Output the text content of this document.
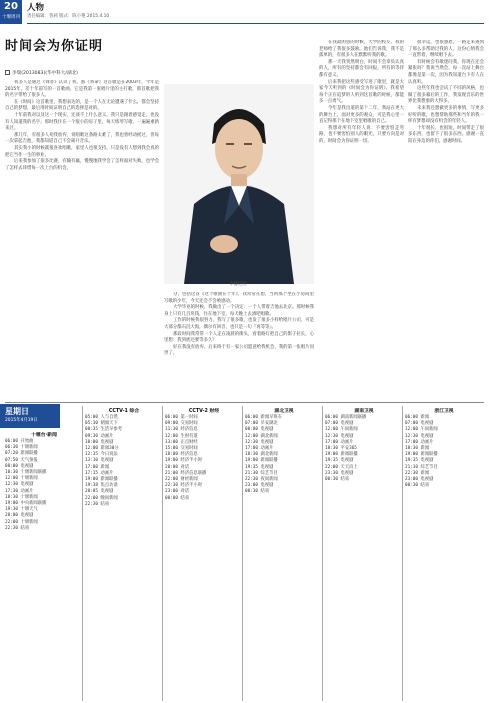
20
十堰周刊
人物
责任编辑：曾莉 版式：陈小艳 2015.4.10
时间会为你证明
李瑞(2013083)(华中科大/湖北)

我多人是通过《锋者》认识了我，那《将命》这首歌是在2003年，今年是2015年，差十年前写的一首歌曲，它是我第一张唱片里的主打歌，那首歌把我的名字带给了很多人。

在《时间》这首歌里，我想表达的，是一个人在无论遭遇了什么，都会坚持自己的梦想，最后用时间证明自己的选择是对的。

十年前我对以及这一个现实，还谈不上什么意义，我只是跟着感觉走，也没有人知道我的名字。那时我住在一个很小的房子里，每天练琴写歌，一遍遍重新来过。

那几年，有很多人劝我放弃，说唱歌这条路太难了，我也曾经动摇过，但每一次拿起吉他，我都知道自己不会离开音乐。

其实我小的时候就很喜欢唱歌，家里人也很支持，只是没有人想到我会真的把它当作一生的事业。

后来我参加了很多比赛，有输有赢，慢慢地我学会了怎样面对失败，也学会了怎样去珍惜每一次上台的机会。

李健近照

分，包括这首《这个歌曲在十年》，我常常在想，当初那个坐在小房间里写歌的少年，今天还会不会被感动。

大学毕业的时候，我做出了一个决定：一个人带着吉他去北京。那时候我身上只有几百块钱，住在地下室，每天晚上去酒吧唱歌。

工作的时候我很努力，我写了很多歌，也发了很多小样给唱片公司，可是大部分都石沉大海，偶尔有回音，也只是一句『再等等』。

那段时间我常常一个人走在凌晨的街头，看着路灯把自己的影子拉长，心里想：我到底还要等多久？

好在我没有放弃。后来终于有一家公司愿意给我机会，我的第一张唱片问世了。

在我最困惑的时候，大学的校友、我的老师给了我很多鼓励。他们告诉我，我不是孤单的，有很多人在默默听我的歌。

那一天我突然明白，时间不会辜负认真的人，所有的坚持都会有回报，所有的等待都有意义。

后来我把这些感受写进了歌里，就是大家今天听到的《时间会为你证明》。我希望每个正在追梦的人听到这首歌的时候，都能多一点勇气。

今年是我出道的第十二年，我站在更大的舞台上，面对更多的观众，可是我心里一直记得那个在地下室里唱歌的自己。

我想对所有年轻人说：不要害怕走弯路，也不要害怕别人的眼光，只要方向是对的，时间会为你证明一切。

很幸运，也很感恩，一路走来遇到了那么多帮助过我的人，这份心情我会一直带着，继续唱下去。

有时候会有歌迷问我，你现在还会紧张吗？我说当然会，每一次站上舞台都像是第一次，因为我知道台下有人在认真听。

这些年我也尝试了不同的风格，也做了很多幕后的工作，我发现音乐的世界比我想象的大得多。

未来我还想做更多的事情，写更多好听的歌，也想帮助那些和当年的我一样有梦想却没有机会的年轻人。

十年很长，也很短。时间带走了很多东西，也留下了很多东西。感谢一直陪在身边的你们，感谢时间。

星期日
2015年4月19日
十堰台·新闻
06:00 开始曲
06:30 十堰新闻
07:20 新闻联播
07:50 天气预报
08:00 电视剧
10:30 十堰新闻联播
12:00 十堰新闻
12:30 电视剧
17:30 动画片
18:30 十堰新闻
19:00 中央新闻联播
19:30 十堰天气
20:00 电视剧
22:00 十堰新闻
22:30 结束
CCTV-1 综合
05:00 人与自然
05:30 朝闻天下
08:35 生活早参考
09:30 动画片
10:00 电视剧
12:00 新闻30分
12:35 今日说法
13:10 电视剧
17:00 新闻
17:15 动画片
19:00 新闻联播
19:38 焦点访谈
20:05 电视剧
22:00 晚间新闻
22:30 结束
CCTV-2 财经
06:00 第一时间
09:00 交易时间
11:30 经济信息
12:00 生财有道
13:00 正点财经
15:00 交易时间
18:00 经济信息
19:00 经济半小时
20:00 对话
21:00 经济信息联播
22:00 财经新闻
22:30 经济半小时
23:00 对话
00:00 结束
湖北卫视
06:00 新闻早班车
07:00 早安湖北
08:00 电视剧
12:00 湖北新闻
12:30 电视剧
17:00 动画片
18:30 湖北新闻
19:00 新闻联播
19:35 电视剧
21:30 综艺节目
22:30 夜间新闻
23:00 电视剧
00:30 结束
湖南卫视
06:00 湖南新闻联播
07:00 电视剧
12:00 午间新闻
12:30 电视剧
17:00 动画片
18:30 平安365
19:00 新闻联播
19:35 电视剧
22:00 天天向上
23:30 电视剧
00:30 结束
浙江卫视
06:00 新闻
07:00 电视剧
12:00 午间新闻
12:30 电视剧
17:00 动画片
18:30 新闻
19:00 新闻联播
19:35 电视剧
21:10 综艺节目
22:30 新闻
23:00 电视剧
00:30 结束
